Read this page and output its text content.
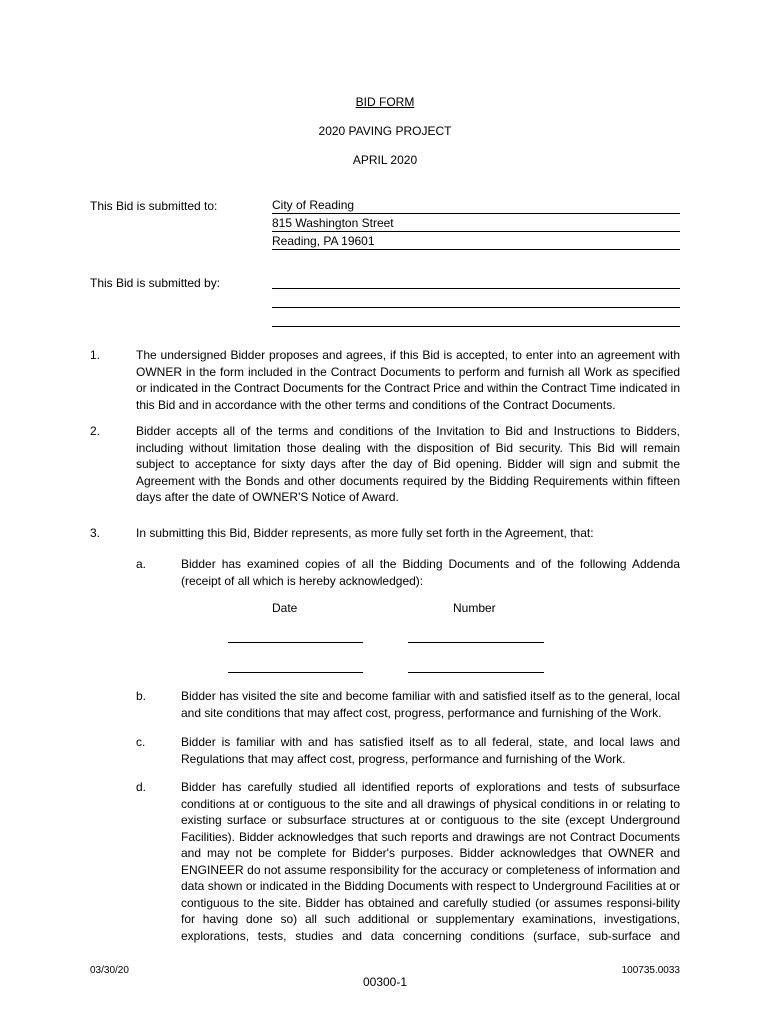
BID FORM
2020 PAVING PROJECT
APRIL 2020
This Bid is submitted to:	City of Reading
815 Washington Street
Reading, PA 19601
This Bid is submitted by:
1.	The undersigned Bidder proposes and agrees, if this Bid is accepted, to enter into an agreement with OWNER in the form included in the Contract Documents to perform and furnish all Work as specified or indicated in the Contract Documents for the Contract Price and within the Contract Time indicated in this Bid and in accordance with the other terms and conditions of the Contract Documents.
2.	Bidder accepts all of the terms and conditions of the Invitation to Bid and Instructions to Bidders, including without limitation those dealing with the disposition of Bid security. This Bid will remain subject to acceptance for sixty days after the day of Bid opening. Bidder will sign and submit the Agreement with the Bonds and other documents required by the Bidding Requirements within fifteen days after the date of OWNER'S Notice of Award.
3.	In submitting this Bid, Bidder represents, as more fully set forth in the Agreement, that:
a.	Bidder has examined copies of all the Bidding Documents and of the following Addenda (receipt of all which is hereby acknowledged):
Date	Number
b.	Bidder has visited the site and become familiar with and satisfied itself as to the general, local and site conditions that may affect cost, progress, performance and furnishing of the Work.
c.	Bidder is familiar with and has satisfied itself as to all federal, state, and local laws and Regulations that may affect cost, progress, performance and furnishing of the Work.
d.	Bidder has carefully studied all identified reports of explorations and tests of subsurface conditions at or contiguous to the site and all drawings of physical conditions in or relating to existing surface or subsurface structures at or contiguous to the site (except Underground Facilities). Bidder acknowledges that such reports and drawings are not Contract Documents and may not be complete for Bidder's purposes. Bidder acknowledges that OWNER and ENGINEER do not assume responsibility for the accuracy or completeness of information and data shown or indicated in the Bidding Documents with respect to Underground Facilities at or contiguous to the site. Bidder has obtained and carefully studied (or assumes responsi-bility for having done so) all such additional or supplementary examinations, investigations, explorations, tests, studies and data concerning conditions (surface, sub-surface and
03/30/20
00300-1
100735.0033
